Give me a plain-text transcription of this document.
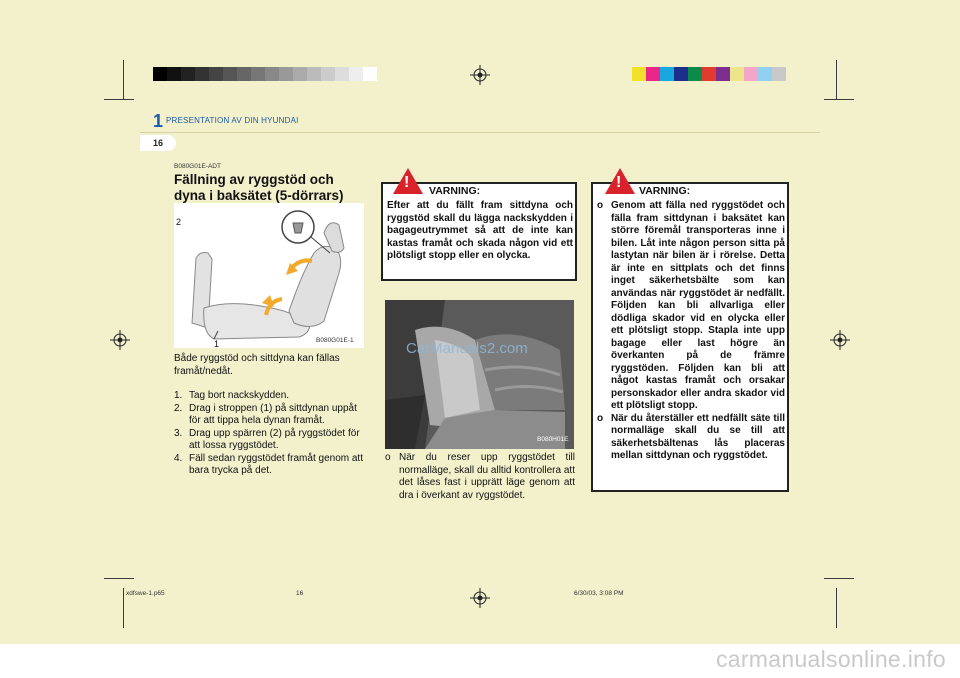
1 PRESENTATION AV DIN HYUNDAI
16
B080G01E-ADT
Fällning av ryggstöd och dyna i baksätet (5-dörrars)
2
1	B080G01E-1
Både ryggstöd och sittdyna kan fällas framåt/nedåt.
1. Tag bort nackskydden.
2. Drag i stroppen (1) på sittdynan uppåt för att tippa hela dynan framåt.
3. Drag upp spärren (2) på ryggstödet för att lossa ryggstödet.
4. Fäll sedan ryggstödet framåt genom att bara trycka på det.
! VARNING:
Efter att du fällt fram sittdyna och ryggstöd skall du lägga nackskydden i bagageutrymmet så att de inte kan kastas framåt och skada någon vid ett plötsligt stopp eller en olycka.
B080H01E
CarManuals2.com
o När du reser upp ryggstödet till normalläge, skall du alltid kontrollera att det låses fast i upprätt läge genom att dra i överkant av ryggstödet.
! VARNING:
o Genom att fälla ned ryggstödet och fälla fram sittdynan i baksätet kan större föremål transporteras inne i bilen. Låt inte någon person sitta på lastytan när bilen är i rörelse. Detta är inte en sittplats och det finns inget säkerhetsbälte som kan användas när ryggstödet är nedfällt. Följden kan bli allvarliga eller dödliga skador vid en olycka eller ett plötsligt stopp. Stapla inte upp bagage eller last högre än överkanten på de främre ryggstöden. Följden kan bli att något kastas framåt och orsakar personskador eller andra skador vid ett plötsligt stopp.
o När du återställer ett nedfällt säte till normalläge skall du se till att säkerhetsbältenas lås placeras mellan sittdynan och ryggstödet.
xdfswe-1.p65	16	6/30/03, 3:08 PM
carmanualsonline.info
